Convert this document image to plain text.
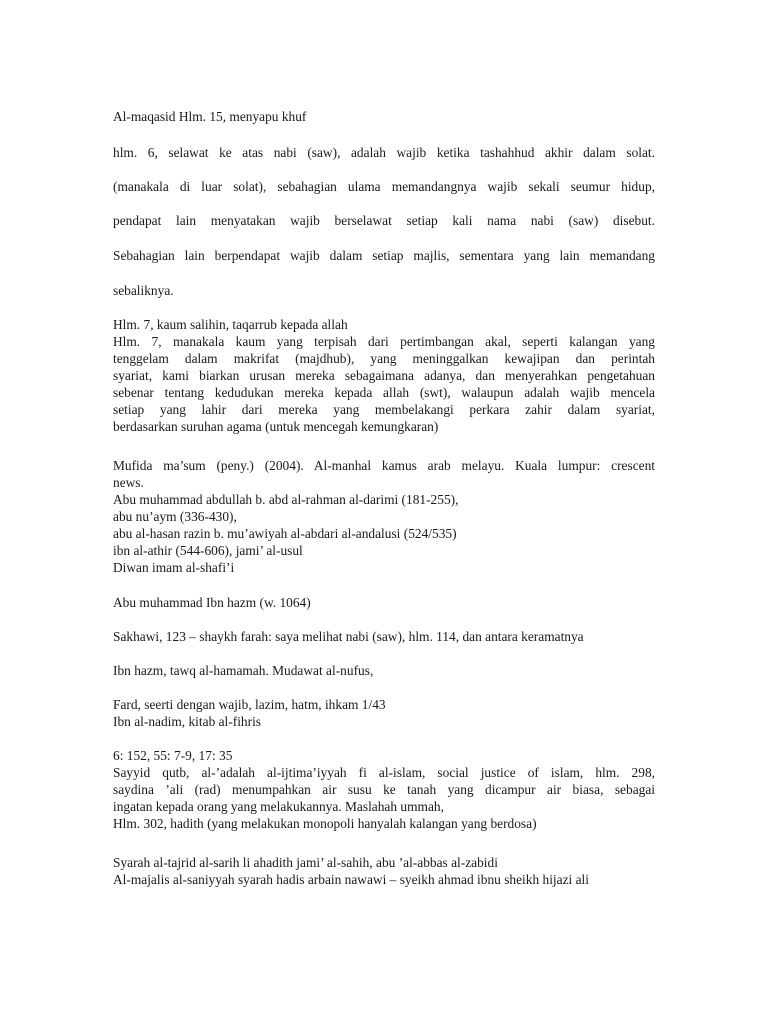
Al-maqasid Hlm. 15, menyapu khuf
hlm. 6, selawat ke atas nabi (saw), adalah wajib ketika tashahhud akhir dalam solat.
(manakala di luar solat), sebahagian ulama memandangnya wajib sekali seumur hidup,
pendapat lain menyatakan wajib berselawat setiap kali nama nabi (saw) disebut.
Sebahagian lain berpendapat wajib dalam setiap majlis, sementara yang lain memandang
sebaliknya.
Hlm. 7, kaum salihin, taqarrub kepada allah
Hlm. 7, manakala kaum yang terpisah dari pertimbangan akal, seperti kalangan yang
tenggelam dalam makrifat (majdhub), yang meninggalkan kewajipan dan perintah
syariat, kami biarkan urusan mereka sebagaimana adanya, dan menyerahkan pengetahuan
sebenar tentang kedudukan mereka kepada allah (swt), walaupun adalah wajib mencela
setiap yang lahir dari mereka yang membelakangi perkara zahir dalam syariat,
berdasarkan suruhan agama (untuk mencegah kemungkaran)
Mufida ma’sum (peny.) (2004). Al-manhal kamus arab melayu. Kuala lumpur: crescent
news.
Abu muhammad abdullah b. abd al-rahman al-darimi (181-255),
abu nu’aym (336-430),
abu al-hasan razin b. mu’awiyah al-abdari al-andalusi (524/535)
ibn al-athir (544-606), jami’ al-usul
Diwan imam al-shafi’i
Abu muhammad Ibn hazm (w. 1064)
Sakhawi, 123 – shaykh farah: saya melihat nabi (saw), hlm. 114, dan antara keramatnya
Ibn hazm, tawq al-hamamah. Mudawat al-nufus,
Fard, seerti dengan wajib, lazim, hatm, ihkam 1/43
Ibn al-nadim, kitab al-fihris
6: 152, 55: 7-9, 17: 35
Sayyid qutb, al-’adalah al-ijtima’iyyah fi al-islam, social justice of islam, hlm. 298,
saydina ’ali (rad) menumpahkan air susu ke tanah yang dicampur air biasa, sebagai
ingatan kepada orang yang melakukannya. Maslahah ummah,
Hlm. 302, hadith (yang melakukan monopoli hanyalah kalangan yang berdosa)
Syarah al-tajrid al-sarih li ahadith jami’ al-sahih, abu ’al-abbas al-zabidi
Al-majalis al-saniyyah syarah hadis arbain nawawi – syeikh ahmad ibnu sheikh hijazi ali
